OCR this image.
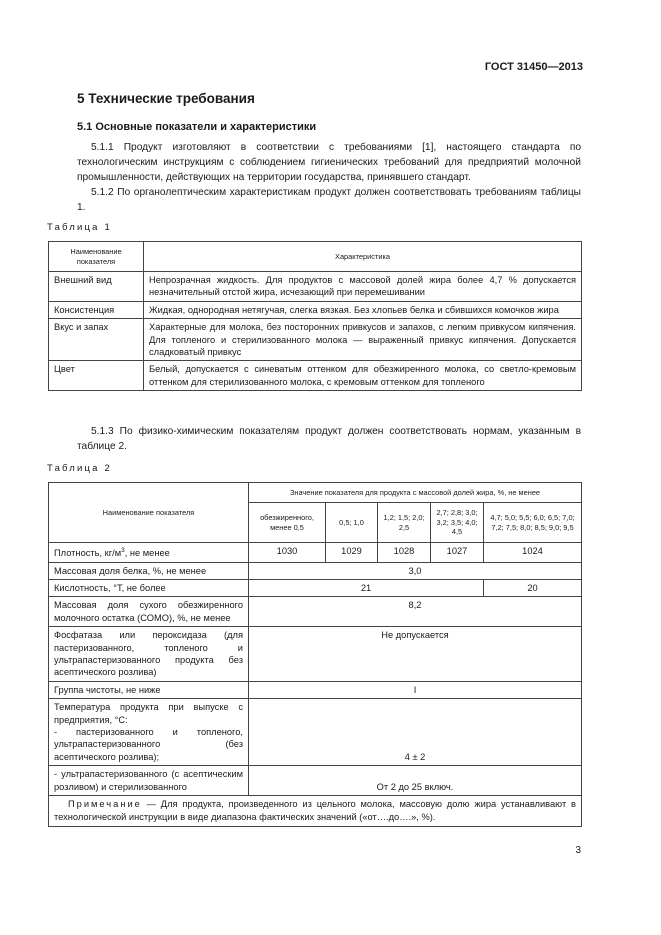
ГОСТ 31450—2013
5 Технические требования
5.1 Основные показатели и характеристики
5.1.1 Продукт изготовляют в соответствии с требованиями [1], настоящего стандарта по технологическим инструкциям с соблюдением гигиенических требований для предприятий молочной промышленности, действующих на территории государства, принявшего стандарт.
5.1.2 По органолептическим характеристикам продукт должен соответствовать требованиям таблицы 1.
Таблица 1
Наименование показателя	Характеристика
Внешний вид	Непрозрачная жидкость. Для продуктов с массовой долей жира более 4,7 % допускается незначительный отстой жира, исчезающий при перемешивании
Консистенция	Жидкая, однородная нетягучая, слегка вязкая. Без хлопьев белка и сбившихся комочков жира
Вкус и запах	Характерные для молока, без посторонних привкусов и запахов, с легким привкусом кипячения. Для топленого и стерилизованного молока — выраженный привкус кипячения. Допускается сладковатый привкус
Цвет	Белый, допускается с синеватым оттенком для обезжиренного молока, со светло-кремовым оттенком для стерилизованного молока, с кремовым оттенком для топленого
5.1.3 По физико-химическим показателям продукт должен соответствовать нормам, указанным в таблице 2.
Таблица 2
Наименование показателя	Значение показателя для продукта с массовой долей жира, %, не менее				
	обезжиренного, менее 0,5	0,5; 1,0	1,2; 1,5; 2,0; 2,5	2,7; 2,8; 3,0; 3,2; 3,5; 4,0; 4,5	4,7; 5,0; 5,5; 6,0; 6,5; 7,0; 7,2; 7,5; 8,0; 8,5; 9,0; 9,5
Плотность, $кг/м^3$, не менее	1030	1029	1028	1027	1024
Массовая доля белка, %, не менее	3,0				
Кислотность, °Т, не более	21				20
Массовая доля сухого обезжиренного молочного остатка (СОМО), %, не менее	8,2				
Фосфатаза или пероксидаза (для пастеризованного, топленого и ультрапастеризованного продукта без асептического розлива)	Не допускается				
Группа чистоты, не ниже	I				
Температура продукта при выпуске с предприятия, °С:
- пастеризованного и топленого, ультрапастеризованного (без асептического розлива);	4 ± 2				
- ультрапастеризованного (с асептическим розливом) и стерилизованного	От 2 до 25 включ.				
Примечание — Для продукта, произведенного из цельного молока, массовую долю жира устанавливают в технологической инструкции в виде диапазона фактических значений («от….до….», %).					
3
